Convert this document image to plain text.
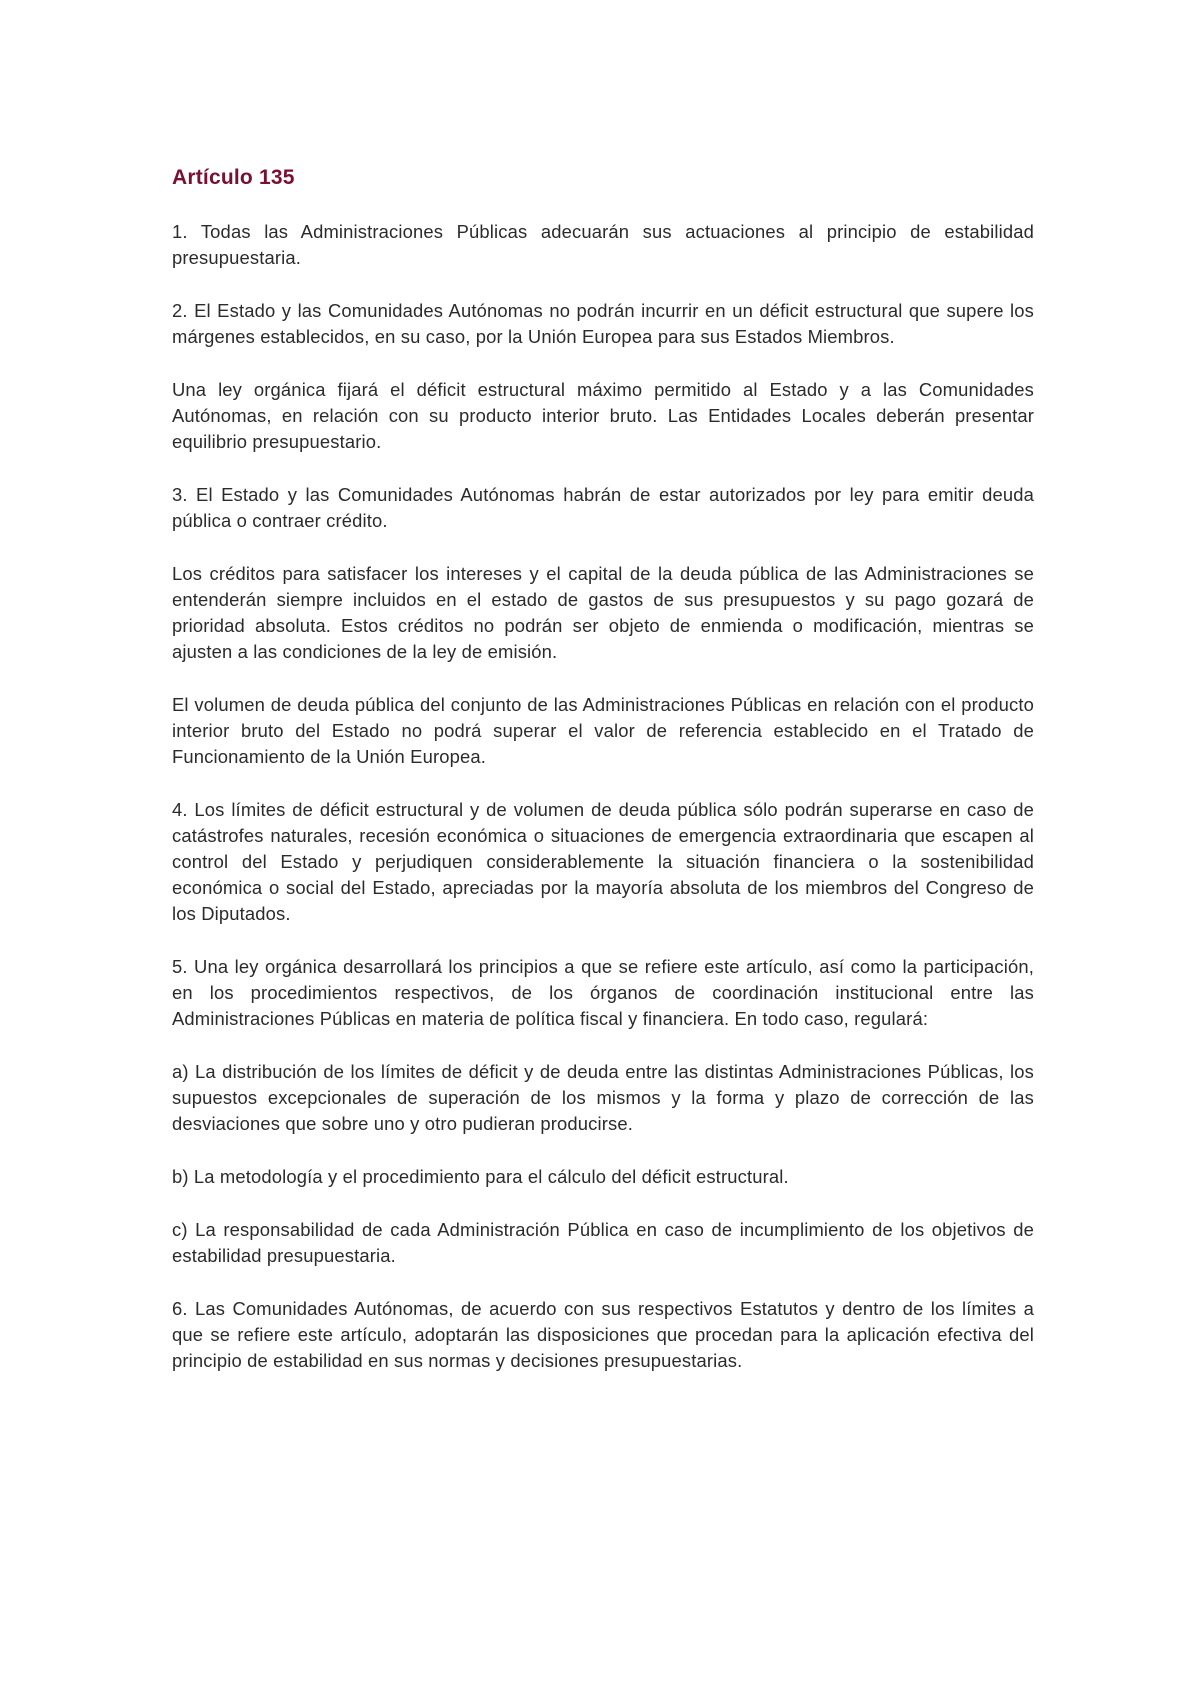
Artículo 135

1. Todas las Administraciones Públicas adecuarán sus actuaciones al principio de estabilidad presupuestaria.

2. El Estado y las Comunidades Autónomas no podrán incurrir en un déficit estructural que supere los márgenes establecidos, en su caso, por la Unión Europea para sus Estados Miembros.

Una ley orgánica fijará el déficit estructural máximo permitido al Estado y a las Comunidades Autónomas, en relación con su producto interior bruto. Las Entidades Locales deberán presentar equilibrio presupuestario.

3. El Estado y las Comunidades Autónomas habrán de estar autorizados por ley para emitir deuda pública o contraer crédito.

Los créditos para satisfacer los intereses y el capital de la deuda pública de las Administraciones se entenderán siempre incluidos en el estado de gastos de sus presupuestos y su pago gozará de prioridad absoluta. Estos créditos no podrán ser objeto de enmienda o modificación, mientras se ajusten a las condiciones de la ley de emisión.

El volumen de deuda pública del conjunto de las Administraciones Públicas en relación con el producto interior bruto del Estado no podrá superar el valor de referencia establecido en el Tratado de Funcionamiento de la Unión Europea.

4. Los límites de déficit estructural y de volumen de deuda pública sólo podrán superarse en caso de catástrofes naturales, recesión económica o situaciones de emergencia extraordinaria que escapen al control del Estado y perjudiquen considerablemente la situación financiera o la sostenibilidad económica o social del Estado, apreciadas por la mayoría absoluta de los miembros del Congreso de los Diputados.

5. Una ley orgánica desarrollará los principios a que se refiere este artículo, así como la participación, en los procedimientos respectivos, de los órganos de coordinación institucional entre las Administraciones Públicas en materia de política fiscal y financiera. En todo caso, regulará:

a) La distribución de los límites de déficit y de deuda entre las distintas Administraciones Públicas, los supuestos excepcionales de superación de los mismos y la forma y plazo de corrección de las desviaciones que sobre uno y otro pudieran producirse.

b) La metodología y el procedimiento para el cálculo del déficit estructural.

c) La responsabilidad de cada Administración Pública en caso de incumplimiento de los objetivos de estabilidad presupuestaria.

6. Las Comunidades Autónomas, de acuerdo con sus respectivos Estatutos y dentro de los límites a que se refiere este artículo, adoptarán las disposiciones que procedan para la aplicación efectiva del principio de estabilidad en sus normas y decisiones presupuestarias.
